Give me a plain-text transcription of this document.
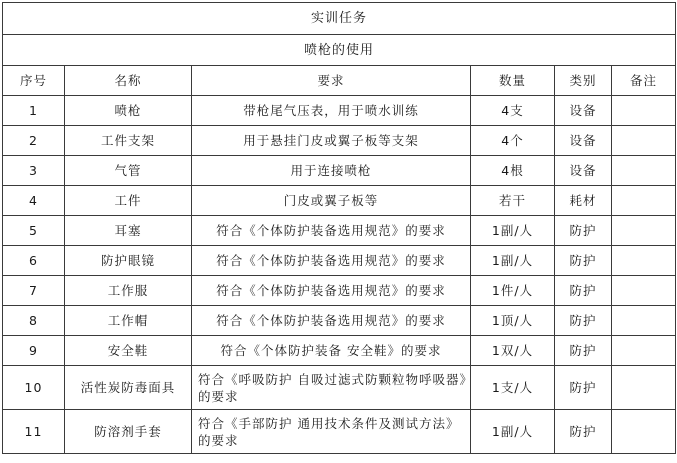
实训任务					
喷枪的使用					
序号	名称	要求	数量	类别	备注
1	喷枪	带枪尾气压表，用于喷水训练	4支	设备	
2	工件支架	用于悬挂门皮或翼子板等支架	4个	设备	
3	气管	用于连接喷枪	4根	设备	
4	工件	门皮或翼子板等	若干	耗材	
5	耳塞	符合《个体防护装备选用规范》的要求	1副/人	防护	
6	防护眼镜	符合《个体防护装备选用规范》的要求	1副/人	防护	
7	工作服	符合《个体防护装备选用规范》的要求	1件/人	防护	
8	工作帽	符合《个体防护装备选用规范》的要求	1顶/人	防护	
9	安全鞋	符合《个体防护装备 安全鞋》的要求	1双/人	防护	
10	活性炭防毒面具	符合《呼吸防护 自吸过滤式防颗粒物呼吸器》的要求	1支/人	防护	
11	防溶剂手套	符合《手部防护 通用技术条件及测试方法》的要求	1副/人	防护	
